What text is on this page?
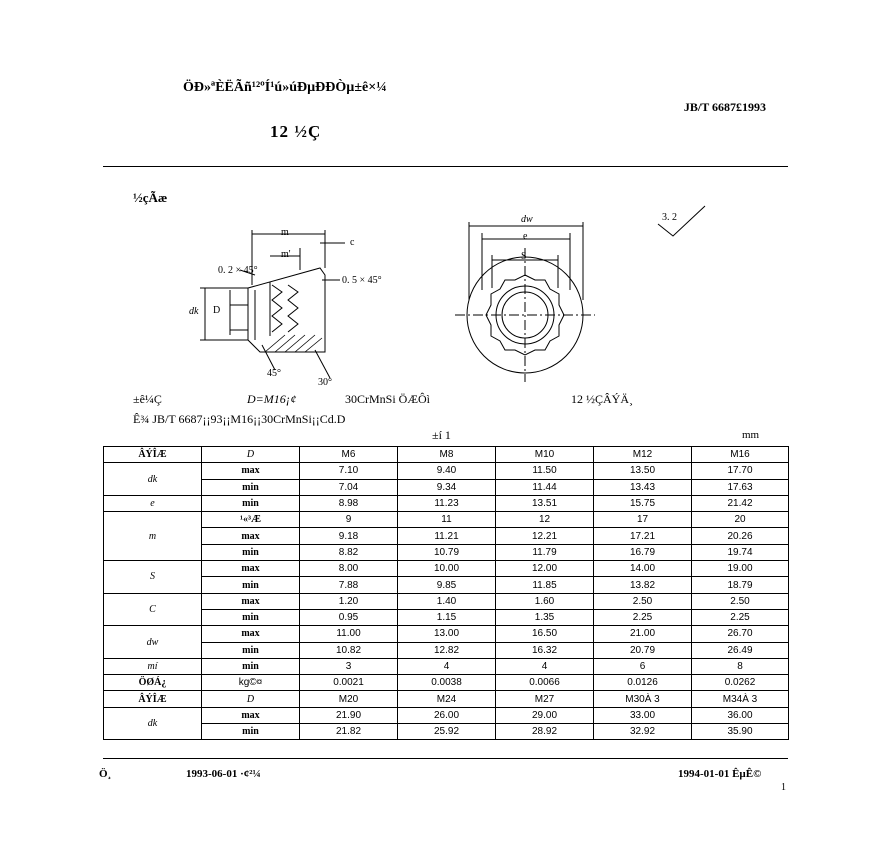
ÖÐ»ªÈËÃñ¹²ºÍ¹ú»úÐµÐÐÒµ±ê×¼
JB/T 6687£1993
12 ½Ç
½çÃæ
3. 2
m
m'
c
0. 2 × 45°
0. 5 × 45°
dk D
45°
30°
dw
e
S
±ê¼Ç	D=M16¡¢	30CrMnSi ÖÆÔì	12 ½ÇÂÝÄ¸
Ê¾ JB/T 6687¡¡93¡¡M16¡¡30CrMnSi¡¡Cd.D
±í 1	mm
ÂÝÎÆ	D	M6	M8	M10	M12	M16
dk	max	7.10	9.40	11.50	13.50	17.70
	min	7.04	9.34	11.44	13.43	17.63
e	min	8.98	11.23	13.51	15.75	21.42
m	¹«³Æ	9	11	12	17	20
	max	9.18	11.21	12.21	17.21	20.26
	min	8.82	10.79	11.79	16.79	19.74
S	max	8.00	10.00	12.00	14.00	19.00
	min	7.88	9.85	11.85	13.82	18.79
C	max	1.20	1.40	1.60	2.50	2.50
	min	0.95	1.15	1.35	2.25	2.25
dw	max	11.00	13.00	16.50	21.00	26.70
	min	10.82	12.82	16.32	20.79	26.49
mí	min	3	4	4	6	8
ÖØÁ¿	kg©¤	0.0021	0.0038	0.0066	0.0126	0.0262
ÂÝÎÆ	D	M20	M24	M27	M30À 3	M34À 3
dk	max	21.90	26.00	29.00	33.00	36.00
	min	21.82	25.92	28.92	32.92	35.90
Ö¸	1993-06-01 ·¢²¼	1994-01-01 ÊµÊ©
1
